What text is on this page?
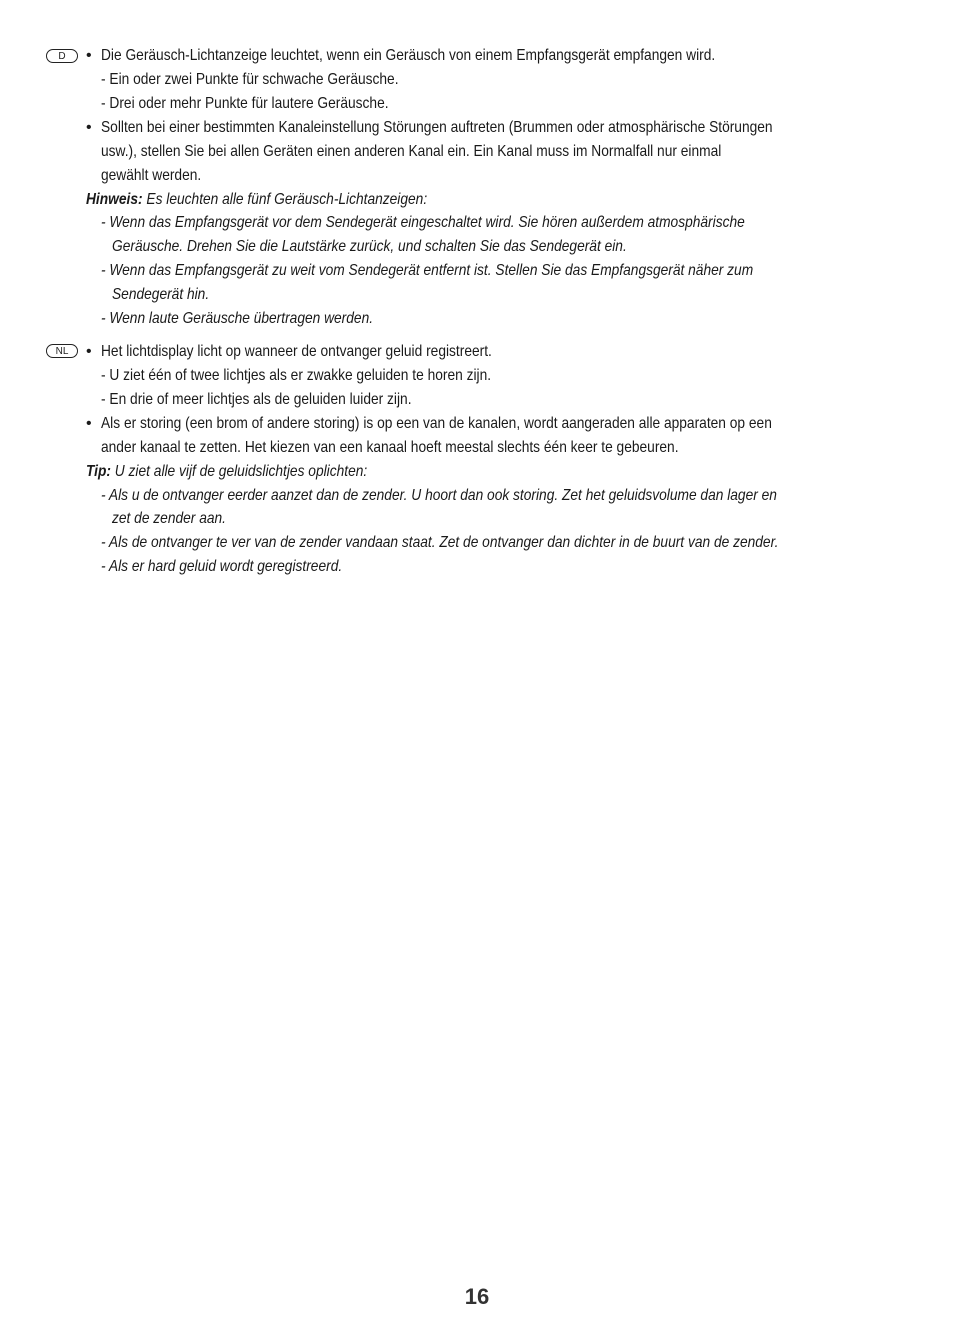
D	• Die Geräusch-Lichtanzeige leuchtet, wenn ein Geräusch von einem Empfangsgerät empfangen wird.
- Ein oder zwei Punkte für schwache Geräusche.
- Drei oder mehr Punkte für lautere Geräusche.
• Sollten bei einer bestimmten Kanaleinstellung Störungen auftreten (Brummen oder atmosphärische Störungen
usw.), stellen Sie bei allen Geräten einen anderen Kanal ein. Ein Kanal muss im Normalfall nur einmal
gewählt werden.
Hinweis: Es leuchten alle fünf Geräusch-Lichtanzeigen:
- Wenn das Empfangsgerät vor dem Sendegerät eingeschaltet wird. Sie hören außerdem atmosphärische
Geräusche. Drehen Sie die Lautstärke zurück, und schalten Sie das Sendegerät ein.
- Wenn das Empfangsgerät zu weit vom Sendegerät entfernt ist. Stellen Sie das Empfangsgerät näher zum
Sendegerät hin.
- Wenn laute Geräusche übertragen werden.
NL	• Het lichtdisplay licht op wanneer de ontvanger geluid registreert.
- U ziet één of twee lichtjes als er zwakke geluiden te horen zijn.
- En drie of meer lichtjes als de geluiden luider zijn.
• Als er storing (een brom of andere storing) is op een van de kanalen, wordt aangeraden alle apparaten op een
ander kanaal te zetten. Het kiezen van een kanaal hoeft meestal slechts één keer te gebeuren.
Tip: U ziet alle vijf de geluidslichtjes oplichten:
- Als u de ontvanger eerder aanzet dan de zender. U hoort dan ook storing. Zet het geluidsvolume dan lager en
zet de zender aan.
- Als de ontvanger te ver van de zender vandaan staat. Zet de ontvanger dan dichter in de buurt van de zender.
- Als er hard geluid wordt geregistreerd.
16
